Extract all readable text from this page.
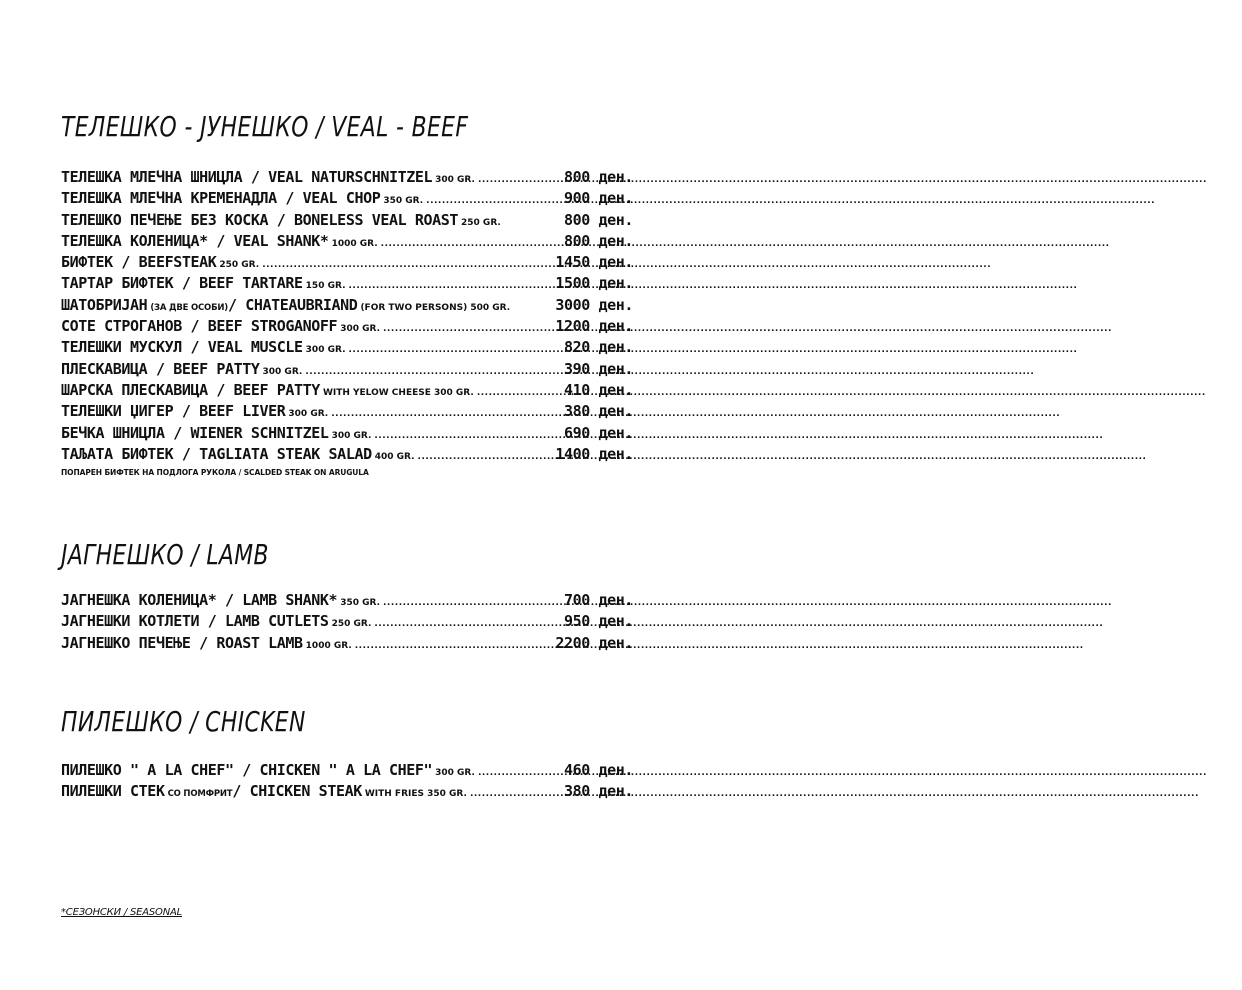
ТЕЛЕШКО - ЈУНЕШКО / VEAL - BEEF
ТЕЛЕШКА МЛЕЧНА ШНИЦЛА / VEAL NATURSCHNITZEL 300 GR. .....	800 ден.
ТЕЛЕШКА МЛЕЧНА КРЕМЕНАДЛА / VEAL CHOP 350 GR. .....	900 ден.
ТЕЛЕШКО ПЕЧЕЊЕ БЕЗ КОСКА / BONELESS VEAL ROAST 250 GR.	800 ден.
ТЕЛЕШКА КОЛЕНИЦА* / VEAL SHANK* 1000 GR. .....	800 ден.
БИФТЕК / BEEFSTEAK 250 GR. .....	1450 ден.
ТАРТАР БИФТЕК / BEEF TARTARE 150 GR. .....	1500 ден.
ШАТОБРИЈАН (ЗА ДВЕ ОСОБИ) / CHATEAUBRIAND (FOR TWO PERSONS) 500 GR.	3000 ден.
СОТЕ СТРОГАНОВ / BEEF STROGANOFF 300 GR. .....	1200 ден.
ТЕЛЕШКИ МУСКУЛ / VEAL MUSCLE 300 GR. .....	820 ден.
ПЛЕСКАВИЦА / BEEF PATTY 300 GR. .....	390 ден.
ШАРСКА ПЛЕСКАВИЦА / BEEF PATTY WITH YELOW CHEESE 300 GR. .....	410 ден.
ТЕЛЕШКИ ЏИГЕР / BEEF LIVER 300 GR. .....	380 ден.
БЕЧКА ШНИЦЛА / WIENER SCHNITZEL 300 GR. .....	690 ден.
ТАЉАТА БИФТЕК / TAGLIATA STEAK SALAD 400 GR. .....	1400 ден.
ПОПАРЕН БИФТЕК НА ПОДЛОГА РУКОЛА / SCALDED STEAK ON ARUGULA
ЈАГНЕШКО / LAMB
ЈАГНЕШКА КОЛЕНИЦА* / LAMB SHANK* 350 GR. .....	700 ден.
ЈАГНЕШКИ КОТЛЕТИ / LAMB CUTLETS 250 GR. .....	950 ден.
ЈАГНЕШКО ПЕЧЕЊЕ / ROAST LAMB 1000 GR. .....	2200 ден.
ПИЛЕШКО / CHICKEN
ПИЛЕШКО " A LA CHEF" / CHICKEN " A LA CHEF" 300 GR. .....	460 ден.
ПИЛЕШКИ СТЕК СО ПОМФРИТ / CHICKEN STEAK WITH FRIES 350 GR. .....	380 ден.
*СЕЗОНСКИ / SEASONAL
